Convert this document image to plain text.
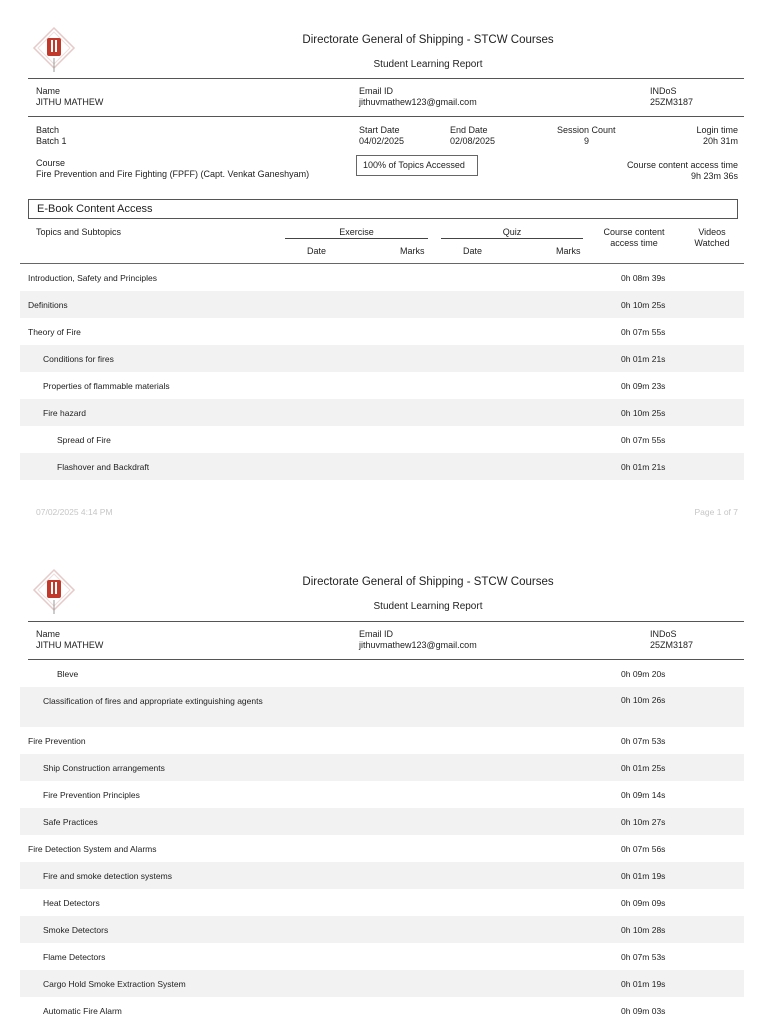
Directorate General of Shipping - STCW Courses
Student Learning Report
Name
JITHU MATHEW
Email ID
jithuvmathew123@gmail.com
INDoS
25ZM3187
Batch
Batch 1
Start Date
04/02/2025
End Date
02/08/2025
Session Count
9
Login time
20h 31m
Course
Fire Prevention and Fire Fighting (FPFF) (Capt. Venkat Ganeshyam)
100% of Topics Accessed	Course content access time
9h 23m 36s
E-Book Content Access
Topics and Subtopics	Exercise	Quiz	Course content
access time
Videos
Watched
Date	Marks	Date	Marks
Introduction, Safety and Principles	0h 08m 39s
Definitions	0h 10m 25s
Theory of Fire	0h 07m 55s
Conditions for fires	0h 01m 21s
Properties of flammable materials	0h 09m 23s
Fire hazard	0h 10m 25s
Spread of Fire	0h 07m 55s
Flashover and Backdraft	0h 01m 21s
07/02/2025 4:14 PM	Page 1 of 7
Directorate General of Shipping - STCW Courses
Student Learning Report
Name
JITHU MATHEW
Email ID
jithuvmathew123@gmail.com
INDoS
25ZM3187
Bleve	0h 09m 20s
Classification of fires and appropriate extinguishing agents	0h 10m 26s
Fire Prevention	0h 07m 53s
Ship Construction arrangements	0h 01m 25s
Fire Prevention Principles	0h 09m 14s
Safe Practices	0h 10m 27s
Fire Detection System and Alarms	0h 07m 56s
Fire and smoke detection systems	0h 01m 19s
Heat Detectors	0h 09m 09s
Smoke Detectors	0h 10m 28s
Flame Detectors	0h 07m 53s
Cargo Hold Smoke Extraction System	0h 01m 19s
Automatic Fire Alarm	0h 09m 03s
